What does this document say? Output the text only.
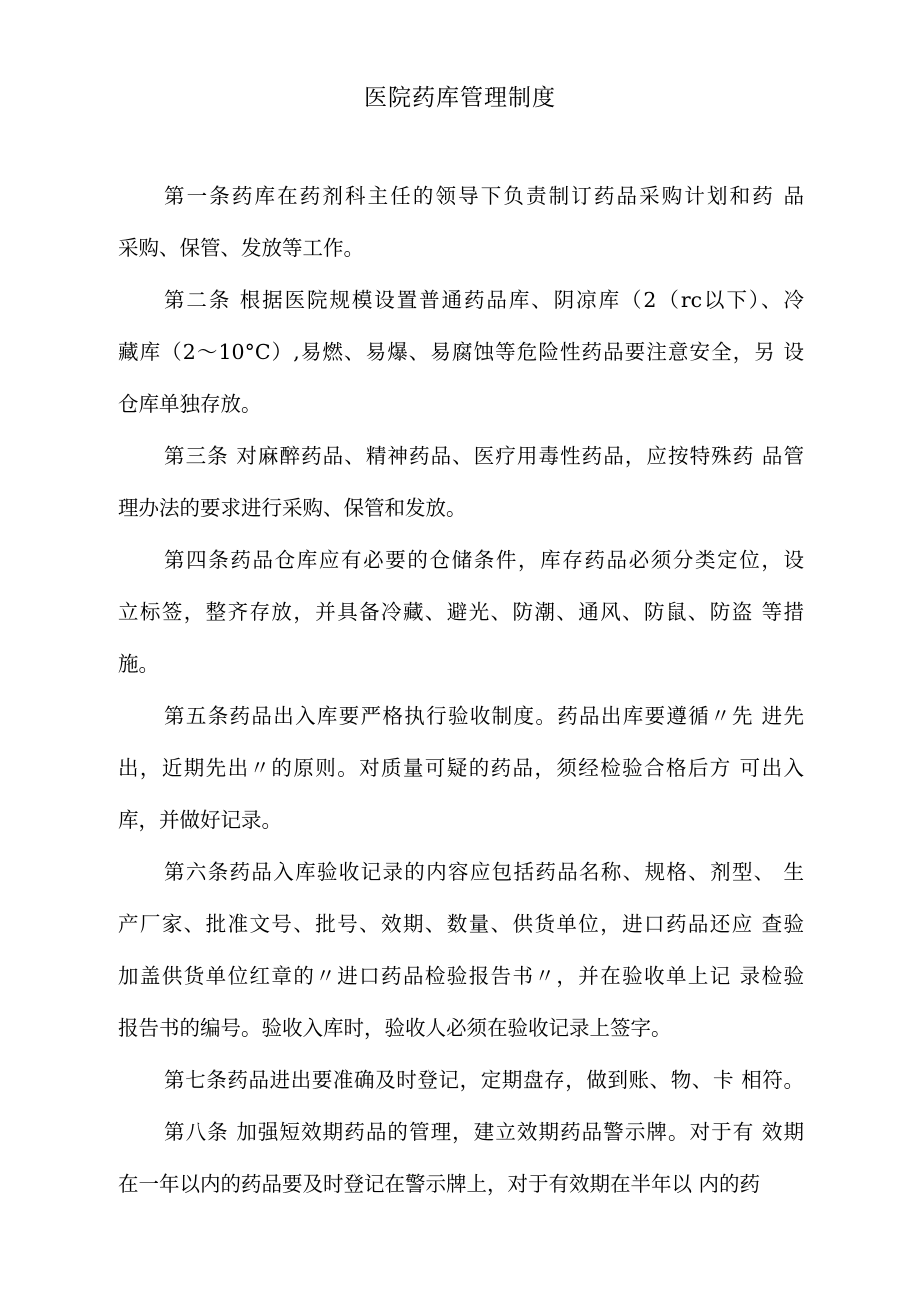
医院药库管理制度
第一条药库在药剂科主任的领导下负责制订药品采购计划和药 品
采购、保管、发放等工作。
第二条 根据医院规模设置普通药品库、阴凉库（2（rc以下）、冷
藏库（2～10°C）,易燃、易爆、易腐蚀等危险性药品要注意安全，另 设
仓库单独存放。
第三条 对麻醉药品、精神药品、医疗用毒性药品，应按特殊药 品管
理办法的要求进行采购、保管和发放。
第四条药品仓库应有必要的仓储条件，库存药品必须分类定位，设
立标签，整齐存放，并具备冷藏、避光、防潮、通风、防鼠、防盗 等措
施。
第五条药品出入库要严格执行验收制度。药品出库要遵循〃先 进先
出，近期先出〃的原则。对质量可疑的药品，须经检验合格后方 可出入
库，并做好记录。
第六条药品入库验收记录的内容应包括药品名称、规格、剂型、 生
产厂家、批准文号、批号、效期、数量、供货单位，进口药品还应 查验
加盖供货单位红章的〃进口药品检验报告书〃，并在验收单上记 录检验
报告书的编号。验收入库时，验收人必须在验收记录上签字。
第七条药品进出要准确及时登记，定期盘存，做到账、物、卡 相符。
第八条 加强短效期药品的管理，建立效期药品警示牌。对于有 效期
在一年以内的药品要及时登记在警示牌上，对于有效期在半年以 内的药
